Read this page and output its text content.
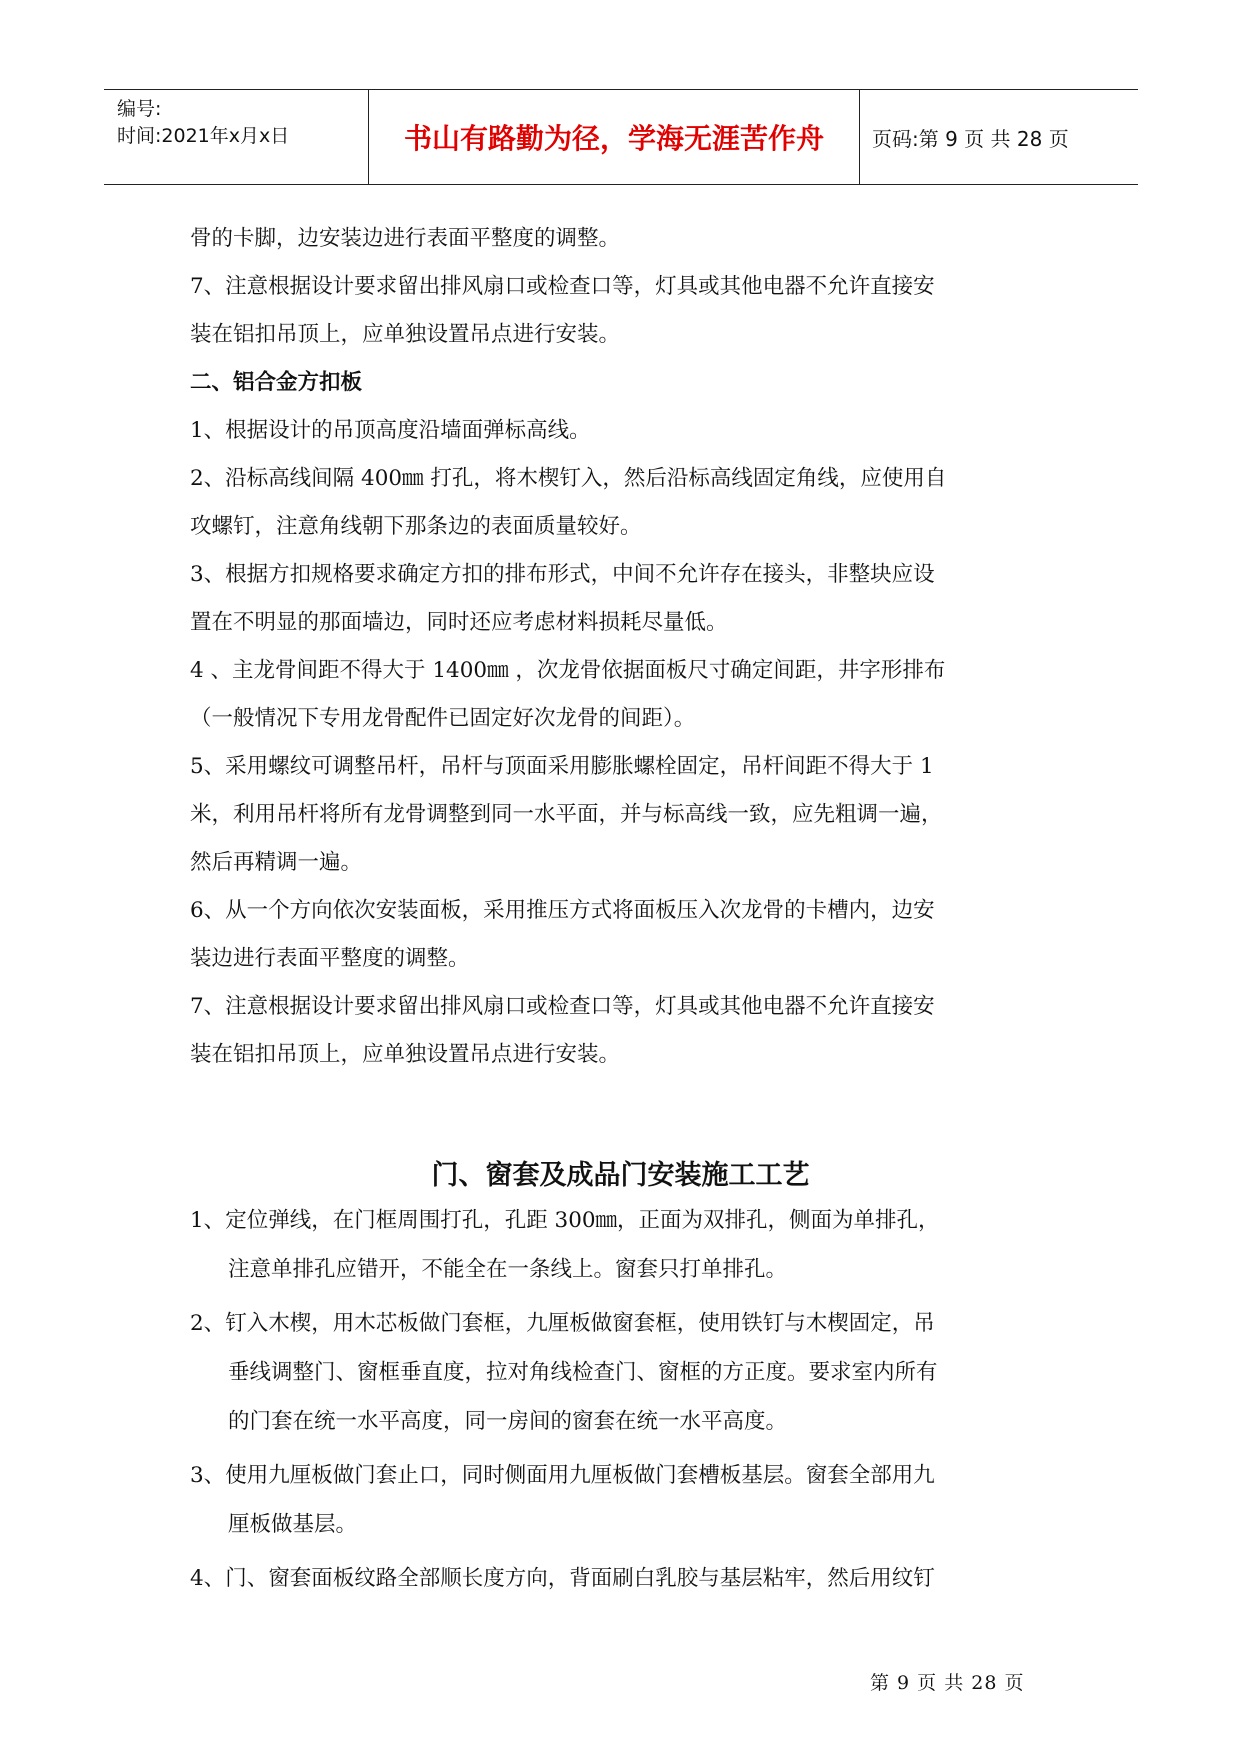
编号:
时间:2021年x月x日	书山有路勤为径，学海无涯苦作舟	页码:第 9 页 共 28 页

骨的卡脚，边安装边进行表面平整度的调整。

7、注意根据设计要求留出排风扇口或检查口等，灯具或其他电器不允许直接安

装在铝扣吊顶上，应单独设置吊点进行安装。

二、铝合金方扣板

1、根据设计的吊顶高度沿墙面弹标高线。

2、沿标高线间隔 400㎜ 打孔，将木楔钉入，然后沿标高线固定角线，应使用自

攻螺钉，注意角线朝下那条边的表面质量较好。

3、根据方扣规格要求确定方扣的排布形式，中间不允许存在接头，非整块应设

置在不明显的那面墙边，同时还应考虑材料损耗尽量低。

4 、主龙骨间距不得大于 1400㎜ ，次龙骨依据面板尺寸确定间距，井字形排布

（一般情况下专用龙骨配件已固定好次龙骨的间距）。

5、采用螺纹可调整吊杆，吊杆与顶面采用膨胀螺栓固定，吊杆间距不得大于 1

米，利用吊杆将所有龙骨调整到同一水平面，并与标高线一致，应先粗调一遍，

然后再精调一遍。

6、从一个方向依次安装面板，采用推压方式将面板压入次龙骨的卡槽内，边安

装边进行表面平整度的调整。

7、注意根据设计要求留出排风扇口或检查口等，灯具或其他电器不允许直接安

装在铝扣吊顶上，应单独设置吊点进行安装。

门、窗套及成品门安装施工工艺
1、定位弹线，在门框周围打孔，孔距 300㎜，正面为双排孔，侧面为单排孔，
注意单排孔应错开，不能全在一条线上。窗套只打单排孔。
2、钉入木楔，用木芯板做门套框，九厘板做窗套框，使用铁钉与木楔固定，吊
垂线调整门、窗框垂直度，拉对角线检查门、窗框的方正度。要求室内所有
的门套在统一水平高度，同一房间的窗套在统一水平高度。
3、使用九厘板做门套止口，同时侧面用九厘板做门套槽板基层。窗套全部用九
厘板做基层。
4、门、窗套面板纹路全部顺长度方向，背面刷白乳胶与基层粘牢，然后用纹钉
第 9 页 共 28 页
